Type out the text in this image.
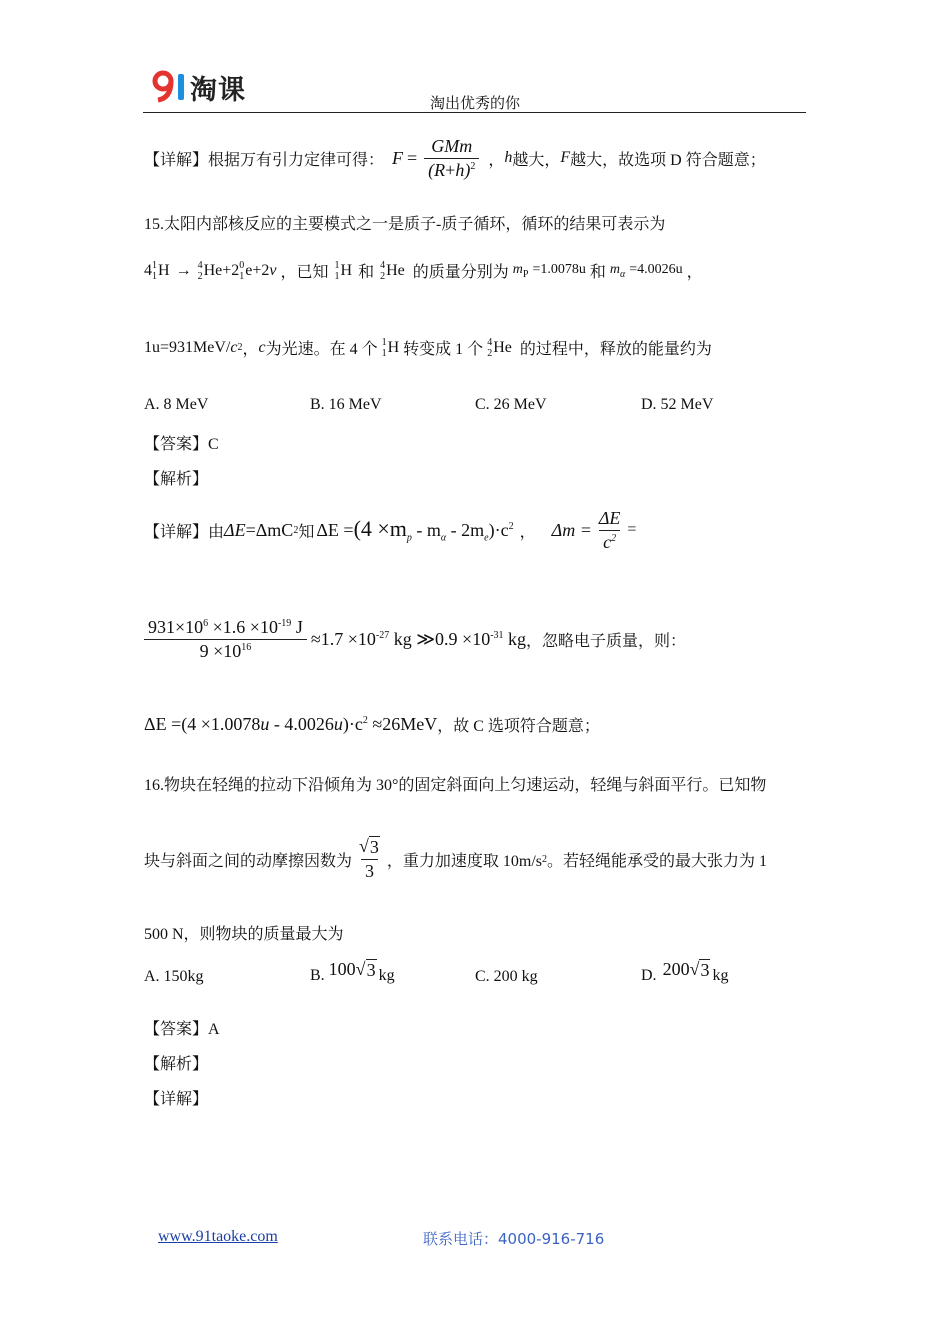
淘课	淘出优秀的你
【详解】根据万有引力定律可得： $F = \frac{\text{GMm}}{(R+h)^2}$ ， h 越大， F 越大，故选项 D 符合题意；
15.太阳内部核反应的主要模式之一是质子-质子循环，循环的结果可表示为
4 1
1 H → 4
2 He+2 0
1 e+2 ν ，已知 1
1 H 和 4
2 He 的质量分别为 $m_P =1.0078u$ 和 $m_\alpha =4.0026u$ ，
1u=931MeV/ c 2 ， c 为光速。在 4 个 1
1 H 转变成 1 个 4
2 He 的过程中，释放的能量约为
A. 8 MeV	B. 16 MeV	C. 26 MeV	D. 52 MeV
【答案】C
【解析】
【详解】由 ΔE =ΔmC 2 知 $\Delta E =(4 \times m_p - m_\alpha - 2m_e)\cdot c^2$ ， $\Delta m = \frac{\Delta E}{c^2}$ =
$\frac{931\times 10^6 \times 1.6 \times 10^{-19} J}{9 \times 10^{16}} \approx 1.7 \times 10^{-27}$ kg ≫0.9 $\times 10^{-31}$ kg ，忽略电子质量，则：
$\Delta E =(4 \times 1.0078u - 4.0026u)\cdot c^2 \approx 26MeV$ ，故 C 选项符合题意；
16.物块在轻绳的拉动下沿倾角为 30°的固定斜面向上匀速运动，轻绳与斜面平行。已知物
块与斜面之间的动摩擦因数为 $\frac{√ 3}{3}$ ，重力加速度取 10m/s 2 。若轻绳能承受的最大张力为 1
500 N，则物块的质量最大为
A. 150kg	B. 100 √ 3 kg	C. 200 kg	D. 200 √ 3 kg
【答案】A
【解析】
【详解】
www.91taoke.com	联系电话：4000-916-716
